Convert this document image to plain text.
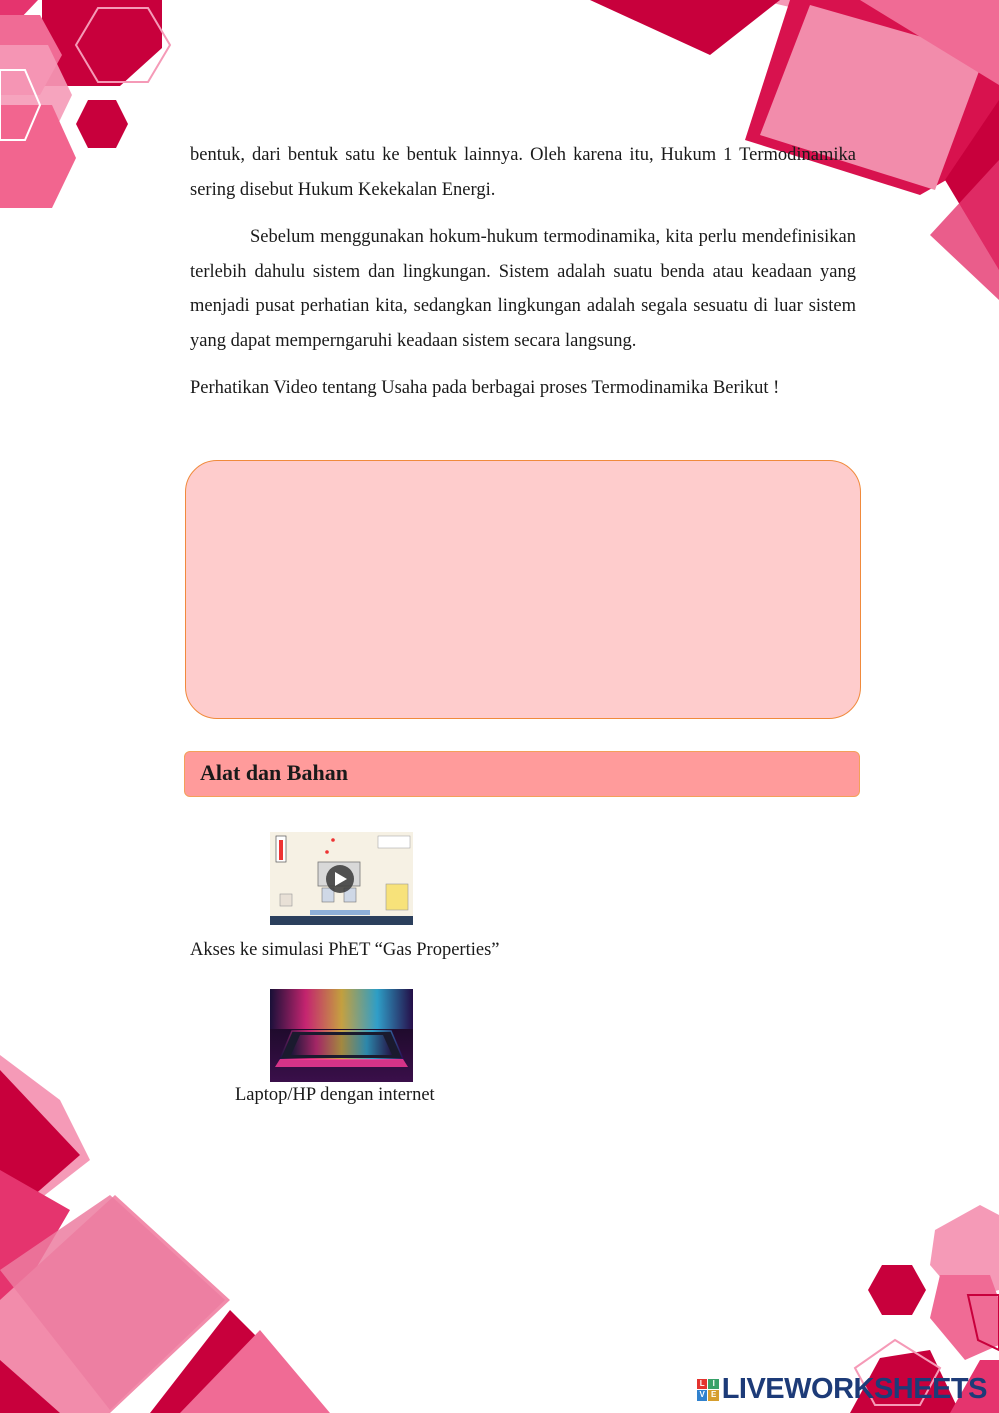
bentuk, dari bentuk satu ke bentuk lainnya. Oleh karena itu, Hukum 1 Termodinamika sering disebut Hukum Kekekalan Energi.

Sebelum menggunakan hokum-hukum termodinamika, kita perlu mendefinisikan terlebih dahulu sistem dan lingkungan. Sistem adalah suatu benda atau keadaan yang menjadi pusat perhatian kita, sedangkan lingkungan adalah segala sesuatu di luar sistem yang dapat memperngaruhi keadaan sistem secara langsung.

Perhatikan Video tentang Usaha pada berbagai proses Termodinamika Berikut !

Alat dan Bahan
Akses ke simulasi PhET “Gas Properties”
Laptop/HP dengan internet
L	I
V E LIVEWORKSHEETS
